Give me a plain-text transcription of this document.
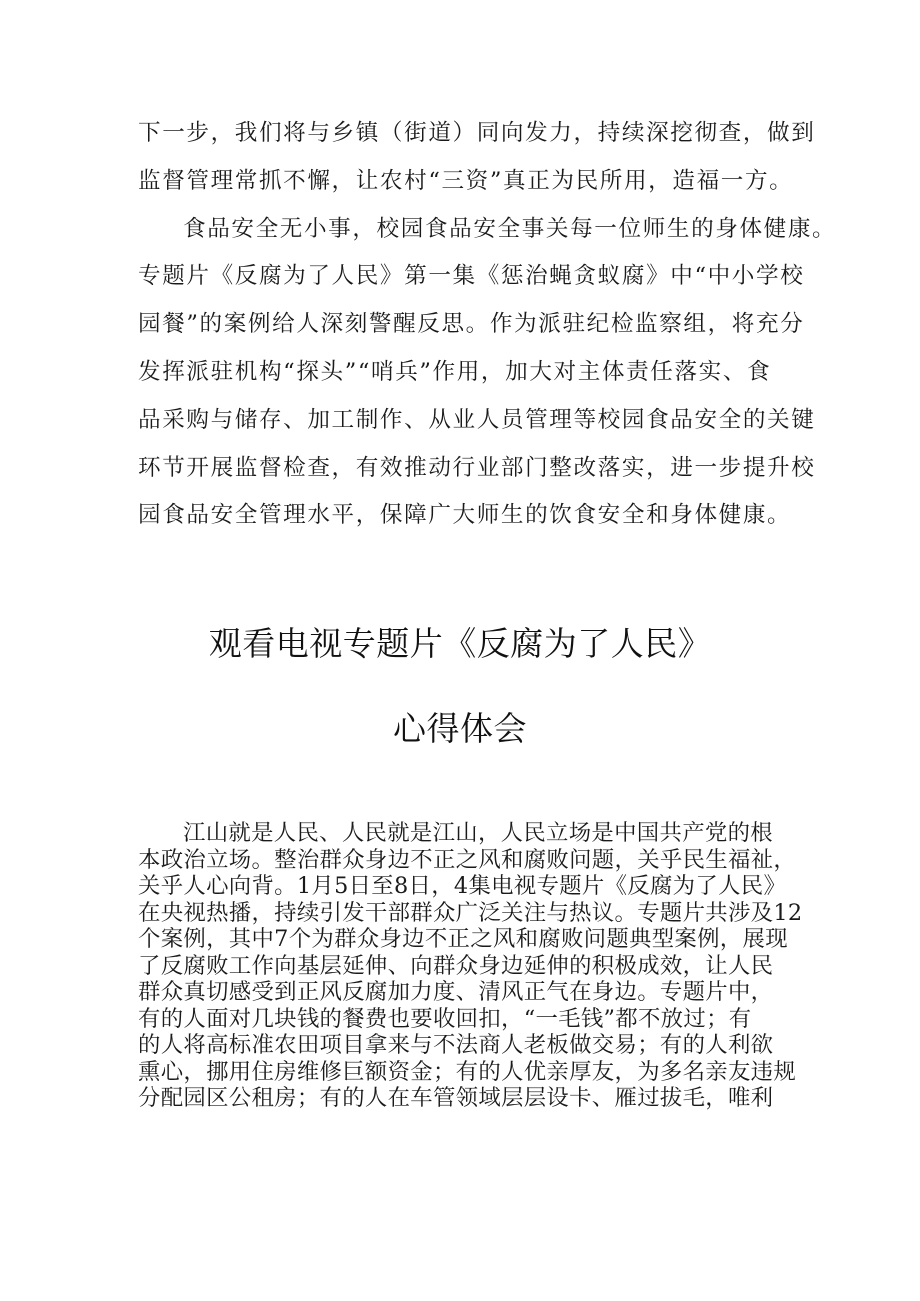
下一步，我们将与乡镇（街道）同向发力，持续深挖彻查，做到
监督管理常抓不懈，让农村“三资”真正为民所用，造福一方。
食品安全无小事，校园食品安全事关每一位师生的身体健康。
专题片《反腐为了人民》第一集《惩治蝇贪蚁腐》中“中小学校
园餐”的案例给人深刻警醒反思。作为派驻纪检监察组，将充分
发挥派驻机构“探头”“哨兵”作用，加大对主体责任落实、食
品采购与储存、加工制作、从业人员管理等校园食品安全的关键
环节开展监督检查，有效推动行业部门整改落实，进一步提升校
园食品安全管理水平，保障广大师生的饮食安全和身体健康。
观看电视专题片《反腐为了人民》
心得体会
江山就是人民、人民就是江山，人民立场是中国共产党的根
本政治立场。整治群众身边不正之风和腐败问题，关乎民生福祉，
关乎人心向背。1月5日至8日，4集电视专题片《反腐为了人民》
在央视热播，持续引发干部群众广泛关注与热议。专题片共涉及12
个案例，其中7个为群众身边不正之风和腐败问题典型案例，展现
了反腐败工作向基层延伸、向群众身边延伸的积极成效，让人民
群众真切感受到正风反腐加力度、清风正气在身边。专题片中，
有的人面对几块钱的餐费也要收回扣，“一毛钱”都不放过；有
的人将高标准农田项目拿来与不法商人老板做交易；有的人利欲
熏心，挪用住房维修巨额资金；有的人优亲厚友，为多名亲友违规
分配园区公租房；有的人在车管领域层层设卡、雁过拔毛，唯利
